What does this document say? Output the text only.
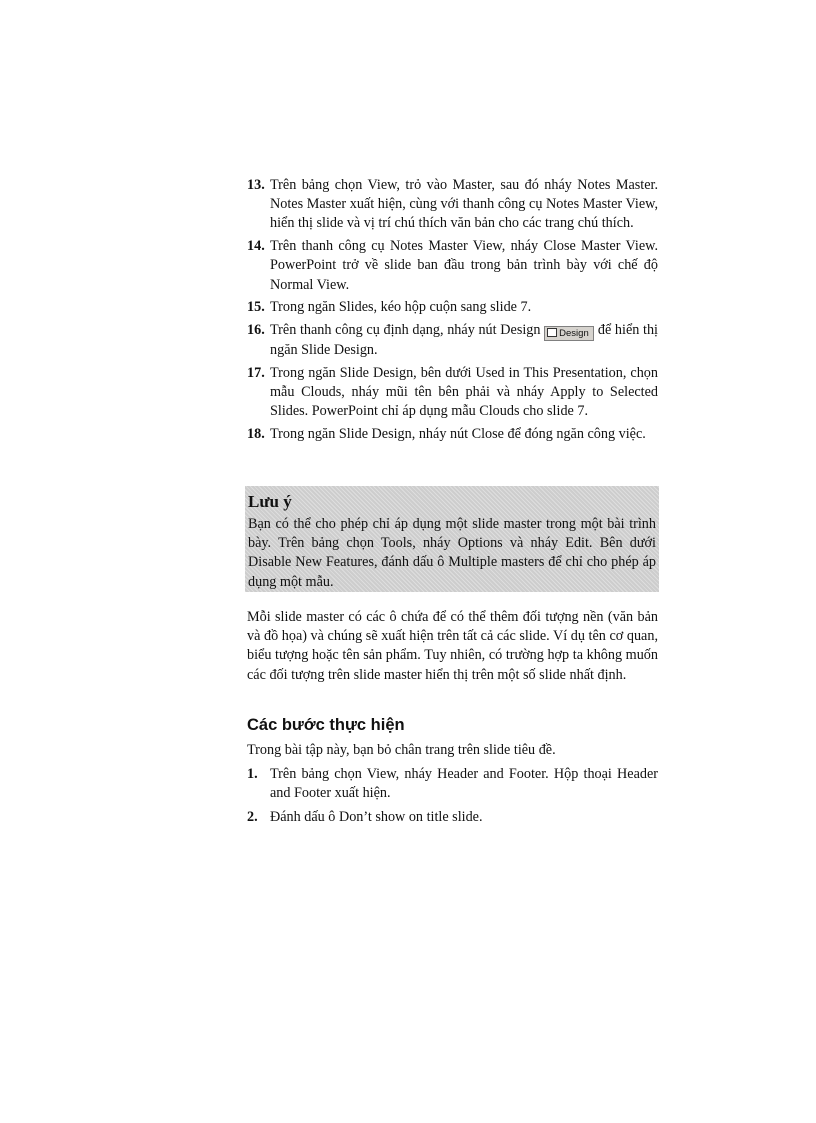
13. Trên bảng chọn View, trỏ vào Master, sau đó nháy Notes Master. Notes Master xuất hiện, cùng với thanh công cụ Notes Master View, hiển thị slide và vị trí chú thích văn bản cho các trang chú thích.
14. Trên thanh công cụ Notes Master View, nháy Close Master View. PowerPoint trở về slide ban đầu trong bản trình bày với chế độ Normal View.
15. Trong ngăn Slides, kéo hộp cuộn sang slide 7.
16. Trên thanh công cụ định dạng, nháy nút Design Design để hiển thị ngăn Slide Design.
17. Trong ngăn Slide Design, bên dưới Used in This Presentation, chọn mẫu Clouds, nháy mũi tên bên phải và nháy Apply to Selected Slides. PowerPoint chỉ áp dụng mẫu Clouds cho slide 7.
18. Trong ngăn Slide Design, nháy nút Close để đóng ngăn công việc.
Lưu ý
Bạn có thể cho phép chỉ áp dụng một slide master trong một bài trình bày. Trên bảng chọn Tools, nháy Options và nháy Edit. Bên dưới Disable New Features, đánh dấu ô Multiple masters để chỉ cho phép áp dụng một mẫu.

Mỗi slide master có các ô chứa để có thể thêm đối tượng nền (văn bản và đồ họa) và chúng sẽ xuất hiện trên tất cả các slide. Ví dụ tên cơ quan, biểu tượng hoặc tên sản phẩm. Tuy nhiên, có trường hợp ta không muốn các đối tượng trên slide master hiển thị trên một số slide nhất định.

Các bước thực hiện

Trong bài tập này, bạn bỏ chân trang trên slide tiêu đề.

1. Trên bảng chọn View, nháy Header and Footer. Hộp thoại Header and Footer xuất hiện.
2. Đánh dấu ô Don’t show on title slide.
